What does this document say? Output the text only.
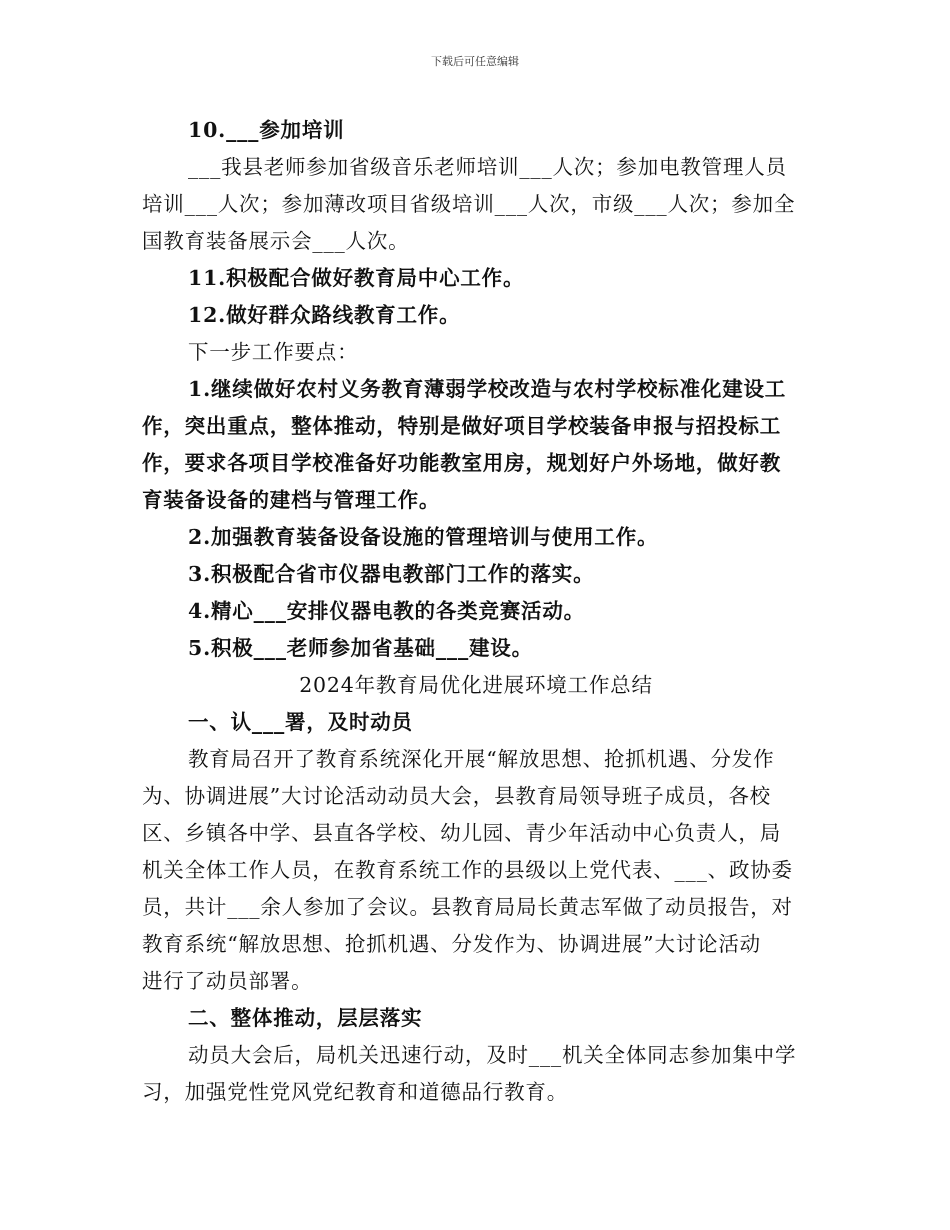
下载后可任意编辑
10.___参加培训
___我县老师参加省级音乐老师培训___人次；参加电教管理人员
培训___人次；参加薄改项目省级培训___人次，市级___人次；参加全
国教育装备展示会___人次。
11.积极配合做好教育局中心工作。
12.做好群众路线教育工作。
下一步工作要点：
1.继续做好农村义务教育薄弱学校改造与农村学校标准化建设工
作，突出重点，整体推动，特别是做好项目学校装备申报与招投标工
作，要求各项目学校准备好功能教室用房，规划好户外场地，做好教
育装备设备的建档与管理工作。
2.加强教育装备设备设施的管理培训与使用工作。
3.积极配合省市仪器电教部门工作的落实。
4.精心___安排仪器电教的各类竞赛活动。
5.积极___老师参加省基础___建设。
2024年教育局优化进展环境工作总结
一、认___署，及时动员
教育局召开了教育系统深化开展“解放思想、抢抓机遇、分发作
为、协调进展”大讨论活动动员大会，县教育局领导班子成员，各校
区、乡镇各中学、县直各学校、幼儿园、青少年活动中心负责人，局
机关全体工作人员，在教育系统工作的县级以上党代表、___、政协委
员，共计___余人参加了会议。县教育局局长黄志军做了动员报告，对
教育系统“解放思想、抢抓机遇、分发作为、协调进展”大讨论活动
进行了动员部署。
二、整体推动，层层落实
动员大会后，局机关迅速行动，及时___机关全体同志参加集中学
习，加强党性党风党纪教育和道德品行教育。
